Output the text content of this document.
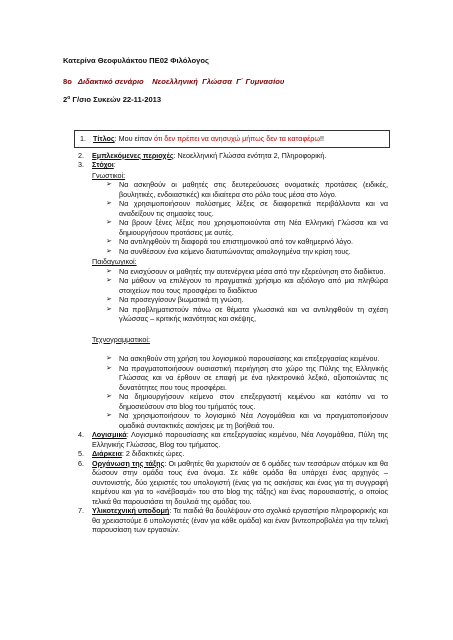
Κατερίνα Θεοφυλάκτου ΠΕ02 Φιλόλογος
8ο   Διδακτικό σενάριο    Νεοελληνική  Γλώσσα  Γ΄ Γυμνασίου
$2^o$ Γ/σιο Συκεών 22-11-2013
1. Τίτλος: Μου είπαν ότι δεν πρέπει να ανησυχώ μήπως δεν τα καταφέρω!!
2. Εμπλεκόμενες περιοχές: Νεοελληνική Γλώσσα ενότητα 2, Πληροφορική.
3. Στόχοι:
Γνωστικοί:
➢ Να ασκηθούν οι μαθητές στις δευτερεύουσες ονοματικές προτάσεις (ειδικές, βουλητικές, ενδοιαστικές) και ιδιαίτερα στο ρόλο τους μέσα στο λόγο.
➢ Να χρησιμοποιήσουν πολύσημες λέξεις σε διαφορετικά περιβάλλοντα και να αναδείξουν τις σημασίες τους.
➢ Να βρουν ξένες λέξεις που χρησιμοποιούνται στη Νέα Ελληνική Γλώσσα και να δημιουργήσουν προτάσεις με αυτές.
➢ Να αντιληφθούν τη διαφορά του επιστημονικού από τον καθημερινό λόγο.
➢ Να συνθέσουν ένα κείμενο διατυπώνοντας αιτιολογημένα την κρίση τους.
Παιδαγωγικοί:
➢ Να ενισχύσουν οι μαθητές την αυτενέργεια μέσα από την εξερεύνηση στο διαδίκτυο.
➢ Να μάθουν να επιλέγουν το πραγματικά χρήσιμο και αξιόλογο από μια πληθώρα στοιχείων που τους προσφέρει το διαδίκτυο
➢ Να προσεγγίσουν βιωματικά τη γνώση.
➢ Να προβληματιστούν πάνω σε θέματα γλωσσικά και να αντιληφθούν τη σχέση γλώσσας – κριτικής ικανότητας και σκέψης,
Τεχνογραμματικοί:
➢ Να ασκηθούν στη χρήση του λογισμικού παρουσίασης και επεξεργασίας κειμένου.
➢ Να πραγματοποιήσουν ουσιαστική περιήγηση στο χώρο της Πύλης της Ελληνικής Γλώσσας και να έρθουν σε επαφή με ένα ηλεκτρονικό λεξικό, αξιοποιώντας τις δυνατότητες που τους προσφέρει.
➢ Να δημιουργήσουν κείμενο στον επεξεργαστή κειμένου και κατόπιν να το δημοσιεύσουν στο blog του τμήματός τους.
➢ Να χρησιμοποιήσουν το λογισμικό Νέα Λογομάθεια και να πραγματοποιήσουν ομαδικά συντακτικές ασκήσεις με τη βοήθειά του.
4. Λογισμικά: Λογισμικό παρουσίασης και επεξεργασίας κειμένου, Νέα Λογομάθεια, Πύλη της Ελληνικής Γλώσσας, Blog του τμήματος.
5. Διάρκεια: 2 διδακτικές ώρες.
6. Οργάνωση της τάξης: Οι μαθητές θα χωριστούν σε 6 ομάδες των τεσσάρων ατόμων και θα δώσουν στην ομάδα τους ένα όνομα. Σε κάθε ομάδα θα υπάρχει ένας αρχηγός – συντονιστής, δύο χειριστές του υπολογιστή (ένας για τις ασκήσεις και ένας για τη συγγραφή κειμένου και για το «ανέβασμά» του στο blog της τάξης) και ένας παρουσιαστής, ο οποίος τελικά θα παρουσιάσει τη δουλειά της ομάδας του.
7. Υλικοτεχνική υποδομή: Τα παιδιά θα δουλέψουν στο σχολικό εργαστήριο πληροφορικής και θα χρειαστούμε 6 υπολογιστές (έναν για κάθε ομάδα) και έναν βιντεοπροβολέα για την τελική παρουσίαση των εργασιών.
